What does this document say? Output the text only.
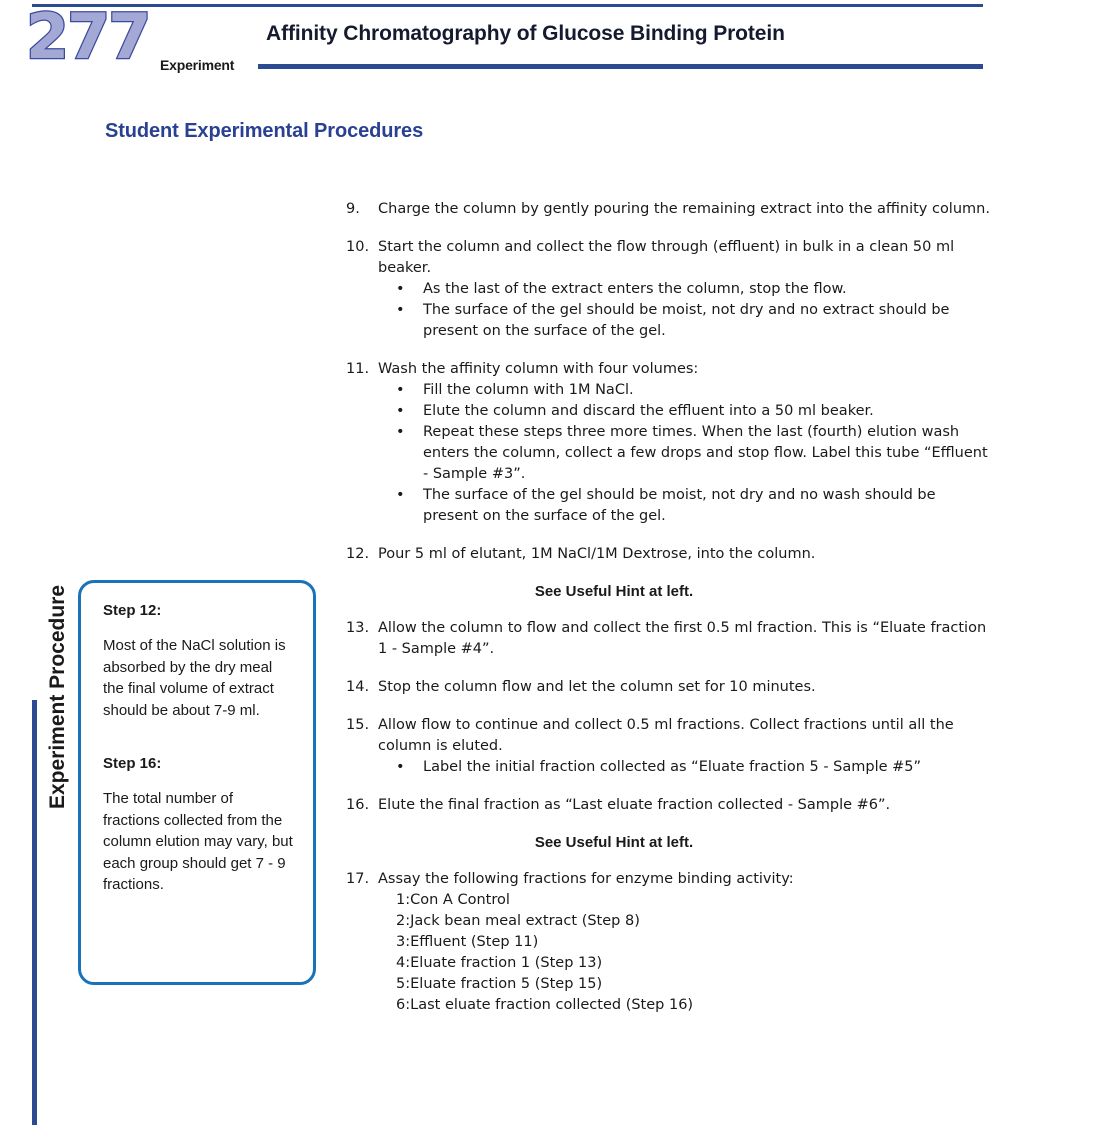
277 Experiment
Affinity Chromatography of Glucose Binding Protein
Experiment Procedure
Student Experimental Procedures

Step 12:

Most of the NaCl solution is absorbed by the dry meal the final volume of extract should be about 7-9 ml.

Step 16:

The total number of fractions collected from the column elution may vary, but each group should get 7 - 9 fractions.

9.	Charge the column by gently pouring the remaining extract into the affinity column.

10. Start the column and collect the flow through (effluent) in bulk in a clean 50 ml beaker.

• As the last of the extract enters the column, stop the flow.
• The surface of the gel should be moist, not dry and no extract should be present on the surface of the gel.
11. Wash the affinity column with four volumes:

• Fill the column with 1M NaCl.
• Elute the column and discard the effluent into a 50 ml beaker.
• Repeat these steps three more times. When the last (fourth) elution wash enters the column, collect a few drops and stop flow. Label this tube “Effluent - Sample #3”.
• The surface of the gel should be moist, not dry and no wash should be present on the surface of the gel.
12. Pour 5 ml of elutant, 1M NaCl/1M Dextrose, into the column.

See Useful Hint at left.
13. Allow the column to flow and collect the first 0.5 ml fraction. This is “Eluate fraction 1 - Sample #4”.

14. Stop the column flow and let the column set for 10 minutes.

15. Allow flow to continue and collect 0.5 ml fractions. Collect fractions until all the column is eluted.

• Label the initial fraction collected as “Eluate fraction 5 - Sample #5”
16. Elute the final fraction as “Last eluate fraction collected - Sample #6”.

See Useful Hint at left.
17. Assay the following fractions for enzyme binding activity:

1: Con A Control
2: Jack bean meal extract (Step 8)
3: Effluent (Step 11)
4: Eluate fraction 1 (Step 13)
5: Eluate fraction 5 (Step 15)
6: Last eluate fraction collected (Step 16)
